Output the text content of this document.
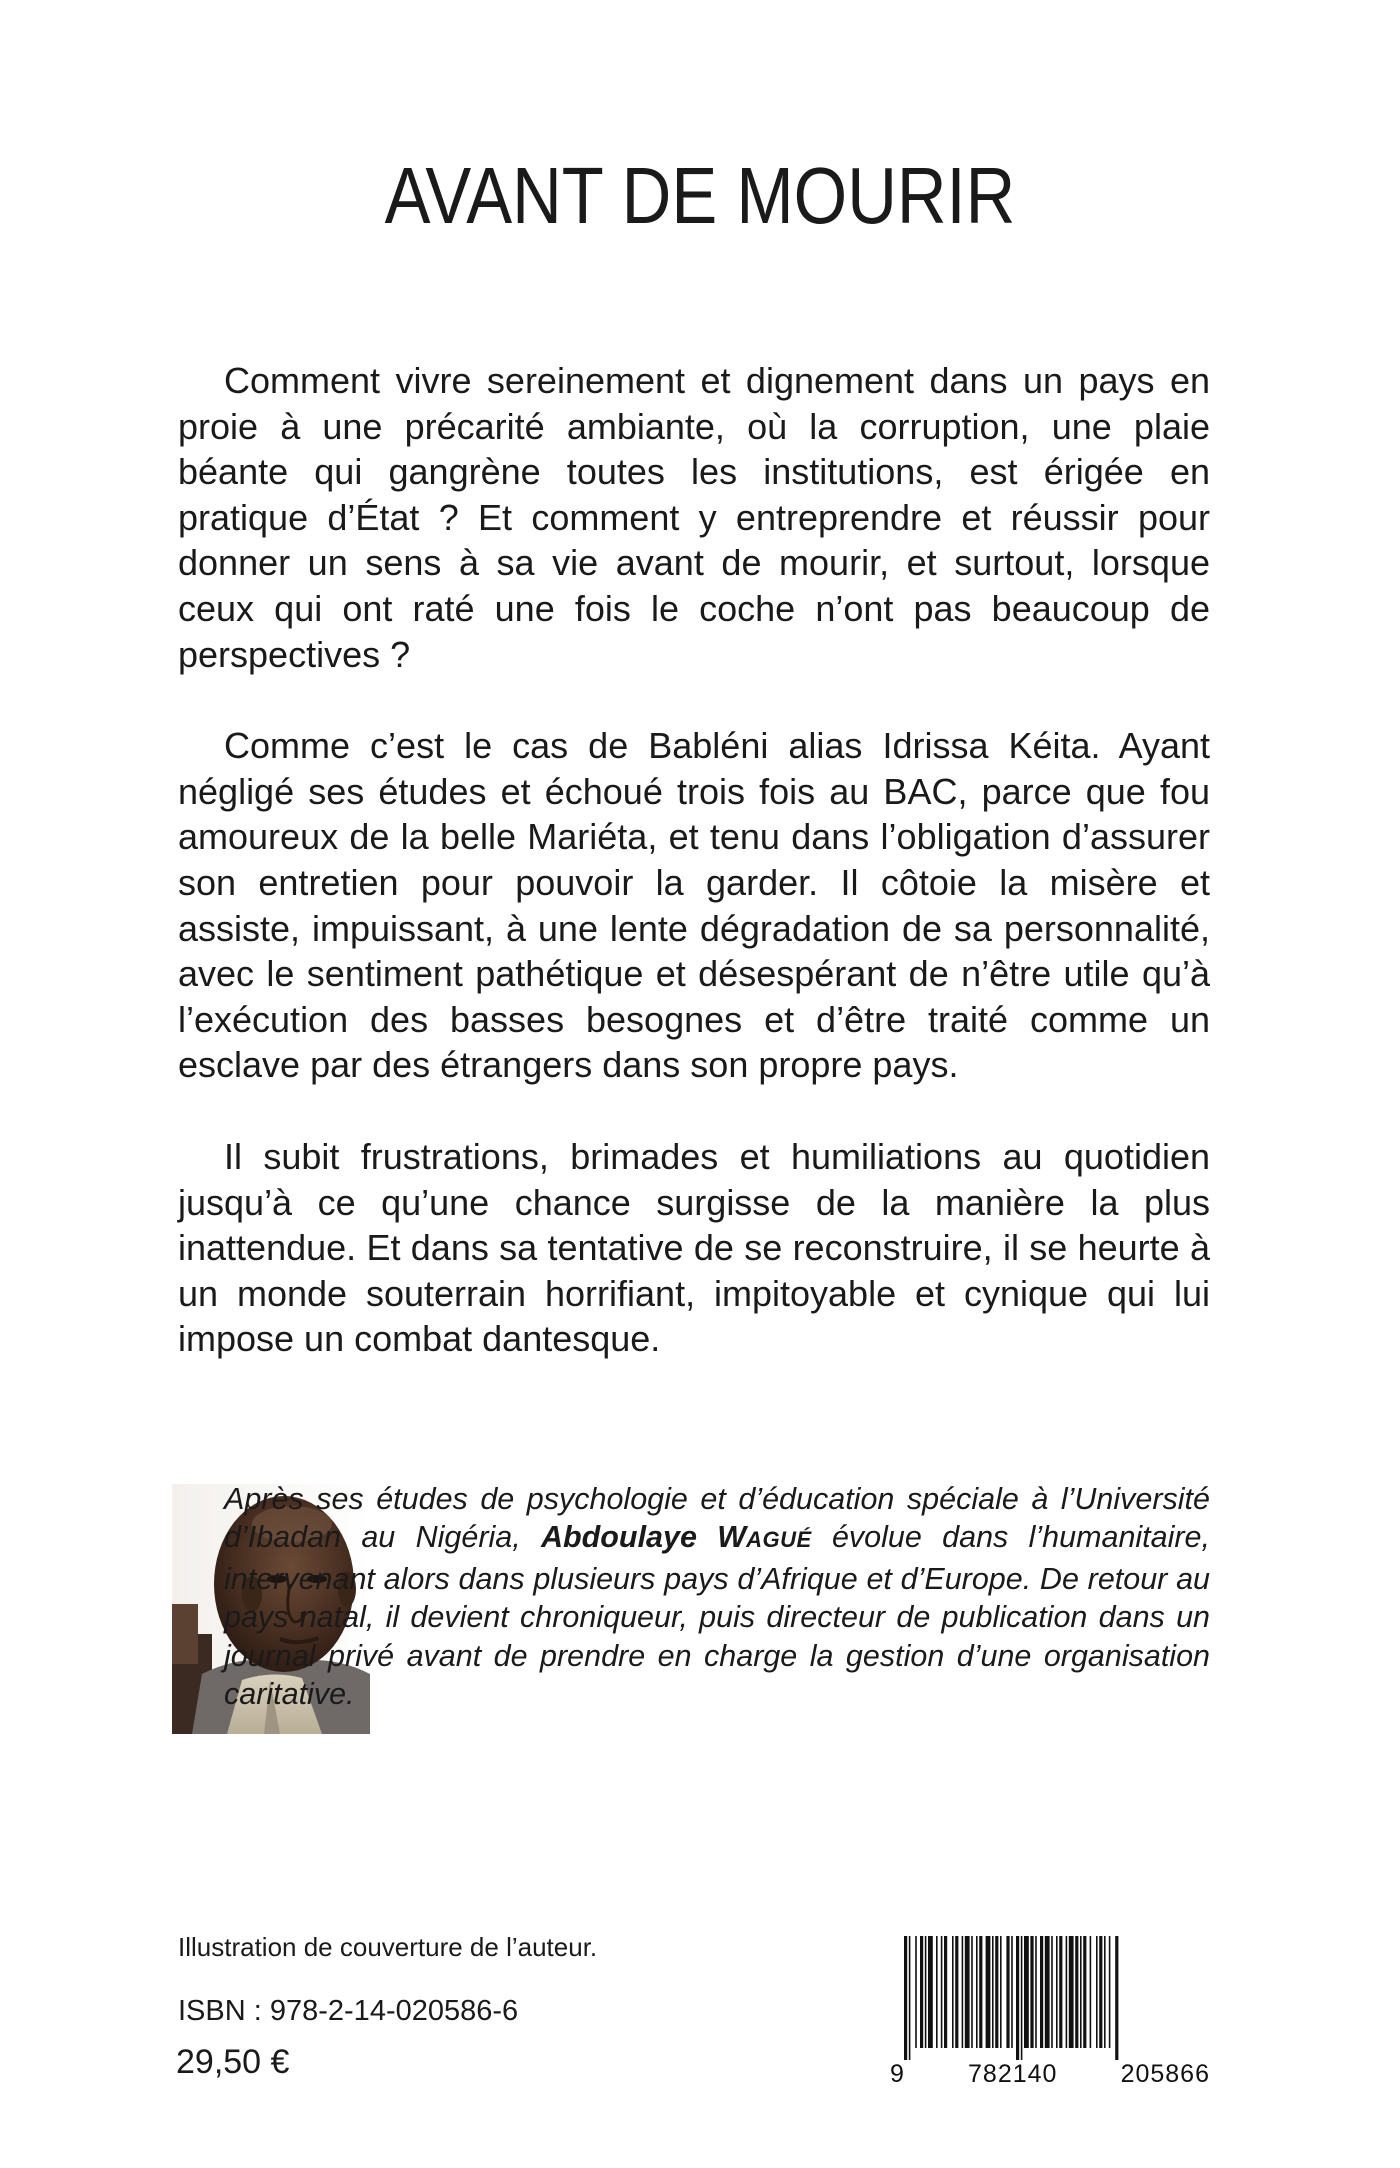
AVANT DE MOURIR

Comment vivre sereinement et dignement dans un pays en proie à une précarité ambiante, où la corruption, une plaie béante qui gangrène toutes les institutions, est érigée en pratique d’État ? Et comment y entreprendre et réussir pour donner un sens à sa vie avant de mourir, et surtout, lorsque ceux qui ont raté une fois le coche n’ont pas beaucoup de perspectives ?

Comme c’est le cas de Babléni alias Idrissa Kéita. Ayant négligé ses études et échoué trois fois au BAC, parce que fou amoureux de la belle Mariéta, et tenu dans l’obligation d’assurer son entretien pour pouvoir la garder. Il côtoie la misère et assiste, impuissant, à une lente dégradation de sa personnalité, avec le sentiment pathétique et désespérant de n’être utile qu’à l’exécution des basses besognes et d’être traité comme un esclave par des étrangers dans son propre pays.

Il subit frustrations, brimades et humiliations au quotidien jusqu’à ce qu’une chance surgisse de la manière la plus inattendue. Et dans sa tentative de se reconstruire, il se heurte à un monde souterrain horrifiant, impitoyable et cynique qui lui impose un combat dantesque.

Après ses études de psychologie et d’éducation spéciale à l’Université d’Ibadan au Nigéria, Abdoulaye WAGUÉ évolue dans l’humanitaire, intervenant alors dans plusieurs pays d’Afrique et d’Europe. De retour au pays natal, il devient chroniqueur, puis directeur de publication dans un journal privé avant de prendre en charge la gestion d’une organisation caritative.
Illustration de couverture de l’auteur.
ISBN : 978-2-14-020586-6
29,50 €	9	782140	205866
